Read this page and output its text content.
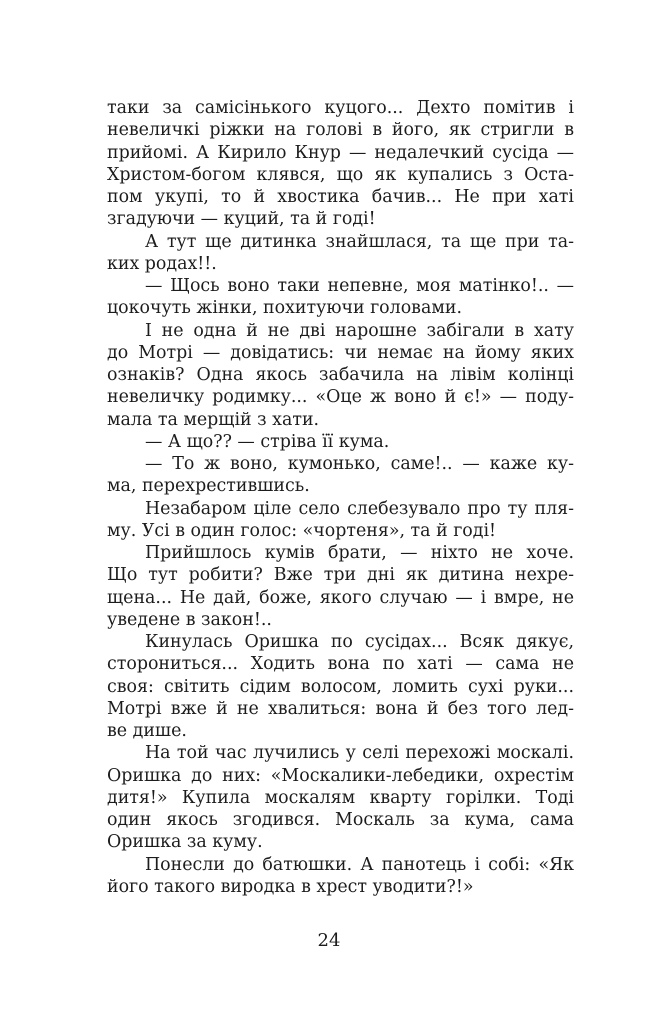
таки за самісінького куцого... Дехто помітив і
невеличкі ріжки на голові в його, як стригли в
прийомі. А Кирило Кнур — недалечкий сусіда —
Христом-богом клявся, що як купались з Оста-
пом укупі, то й хвостика бачив... Не при хаті
згадуючи — куций, та й годі!
А тут ще дитинка знайшлася, та ще при та-
ких родах!!.
— Щось воно таки непевне, моя матінко!.. —
цокочуть жінки, похитуючи головами.
І не одна й не дві нарошне забігали в хату
до Мотрі — довідатись: чи немає на йому яких
ознаків? Одна якось забачила на лівім колінці
невеличку родимку... «Оце ж воно й є!» — поду-
мала та мерщій з хати.
— А що?? — стріва її кума.
— То ж воно, кумонько, саме!.. — каже ку-
ма, перехрестившись.
Незабаром ціле село слебезувало про ту пля-
му. Усі в один голос: «чортеня», та й годі!
Прийшлось кумів брати, — ніхто не хоче.
Що тут робити? Вже три дні як дитина нехре-
щена... Не дай, боже, якого случаю — і вмре, не
уведене в закон!..
Кинулась Оришка по сусідах... Всяк дякує,
сторониться... Ходить вона по хаті — сама не
своя: світить сідим волосом, ломить сухі руки...
Мотрі вже й не хвалиться: вона й без того лед-
ве дише.
На той час лучились у селі перехожі москалі.
Оришка до них: «Москалики-лебедики, охрестім
дитя!» Купила москалям кварту горілки. Тоді
один якось згодився. Москаль за кума, сама
Оришка за куму.
Понесли до батюшки. А панотець і собі: «Як
його такого виродка в хрест уводити?!»
24
